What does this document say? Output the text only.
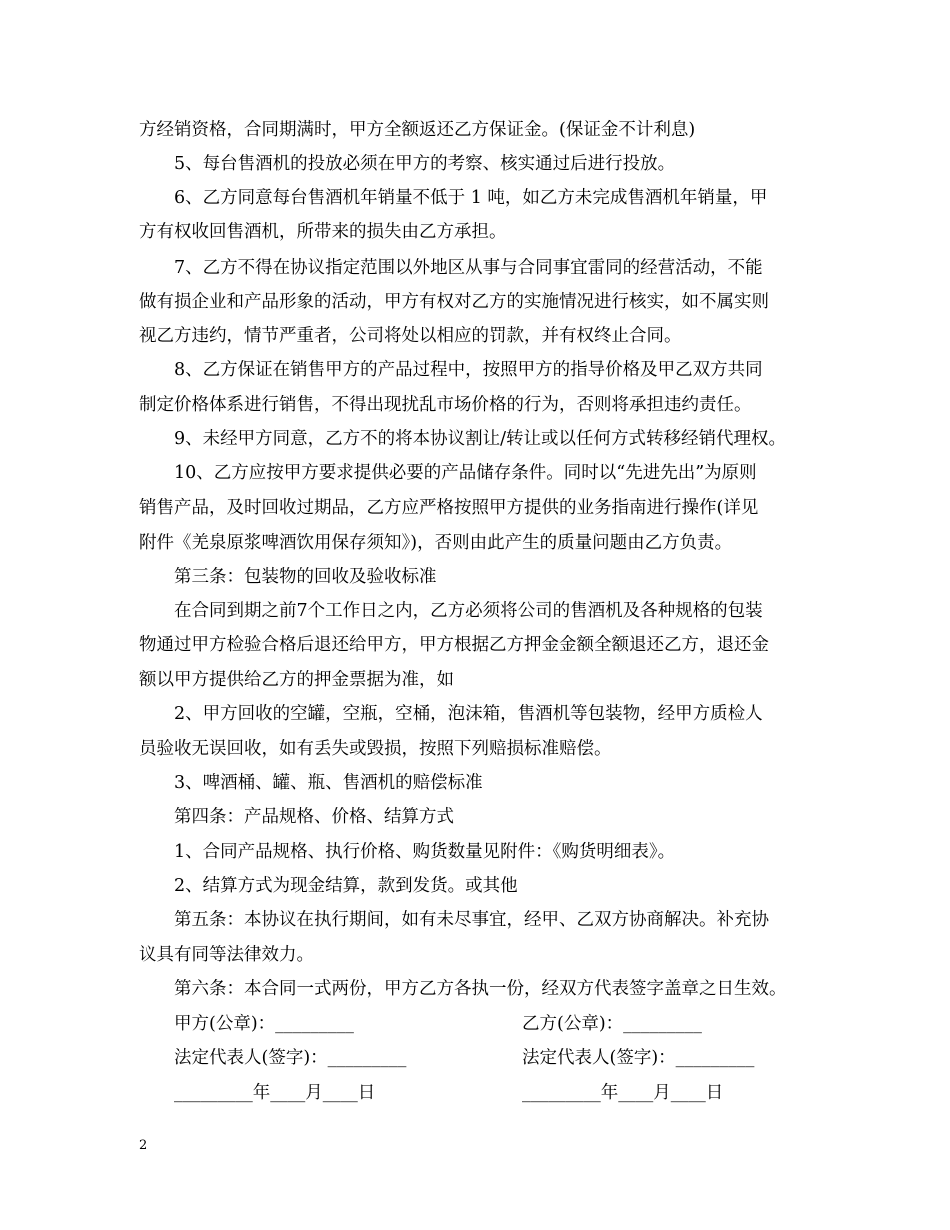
方经销资格，合同期满时，甲方全额返还乙方保证金。(保证金不计利息)
5、每台售酒机的投放必须在甲方的考察、核实通过后进行投放。
6、乙方同意每台售酒机年销量不低于 1 吨，如乙方未完成售酒机年销量，甲
方有权收回售酒机，所带来的损失由乙方承担。
7、乙方不得在协议指定范围以外地区从事与合同事宜雷同的经营活动，不能
做有损企业和产品形象的活动，甲方有权对乙方的实施情况进行核实，如不属实则
视乙方违约，情节严重者，公司将处以相应的罚款，并有权终止合同。
8、乙方保证在销售甲方的产品过程中，按照甲方的指导价格及甲乙双方共同
制定价格体系进行销售，不得出现扰乱市场价格的行为，否则将承担违约责任。
9、未经甲方同意，乙方不的将本协议割让/转让或以任何方式转移经销代理权。
10、乙方应按甲方要求提供必要的产品储存条件。同时以“先进先出”为原则
销售产品，及时回收过期品，乙方应严格按照甲方提供的业务指南进行操作(详见
附件《羌泉原浆啤酒饮用保存须知》)，否则由此产生的质量问题由乙方负责。
第三条：包装物的回收及验收标准
在合同到期之前7个工作日之内，乙方必须将公司的售酒机及各种规格的包装
物通过甲方检验合格后退还给甲方，甲方根据乙方押金金额全额退还乙方，退还金
额以甲方提供给乙方的押金票据为准，如
2、甲方回收的空罐，空瓶，空桶，泡沫箱，售酒机等包装物，经甲方质检人
员验收无误回收，如有丢失或毁损，按照下列赔损标准赔偿。
3、啤酒桶、罐、瓶、售酒机的赔偿标准
第四条：产品规格、价格、结算方式
1、合同产品规格、执行价格、购货数量见附件：《购货明细表》。
2、结算方式为现金结算，款到发货。或其他
第五条：本协议在执行期间，如有未尽事宜，经甲、乙双方协商解决。补充协
议具有同等法律效力。
第六条：本合同一式两份，甲方乙方各执一份，经双方代表签字盖章之日生效。
甲方(公章)：_________	乙方(公章)：_________
法定代表人(签字)：_________	法定代表人(签字)：_________
_________年____月____日	_________年____月____日
2
